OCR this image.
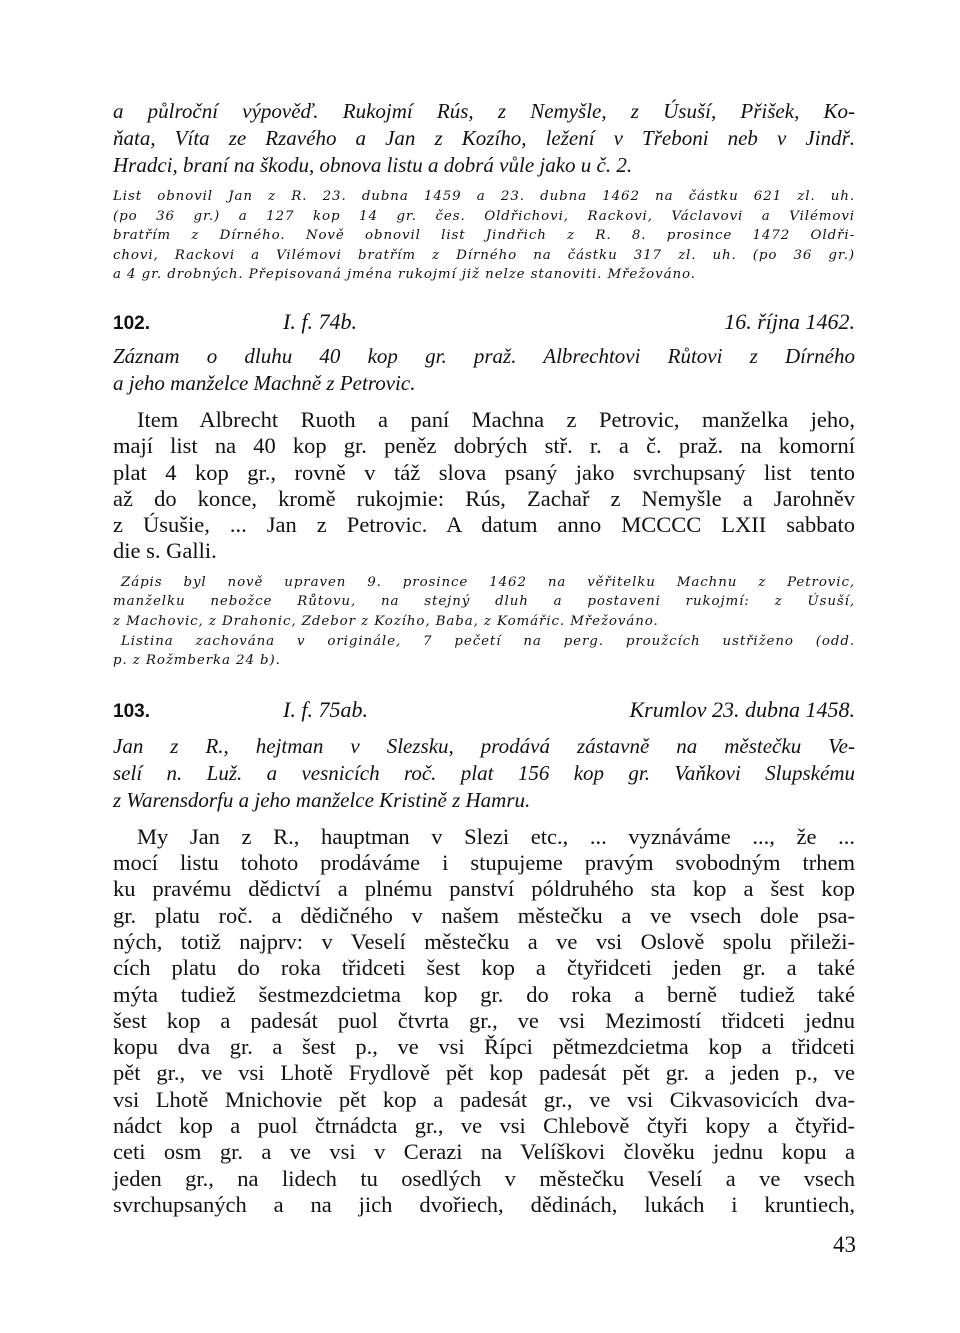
a půlroční výpověď. Rukojmí Rús, z Nemyšle, z Úsuší, Přišek, Ko-
ňata, Víta ze Rzavého a Jan z Kozího, ležení v Třeboni neb v Jindř.
Hradci, braní na škodu, obnova listu a dobrá vůle jako u č. 2.
List obnovil Jan z R. 23. dubna 1459 a 23. dubna 1462 na částku 621 zl. uh.
(po 36 gr.) a 127 kop 14 gr. čes. Oldřichovi, Rackovi, Václavovi a Vilémovi
bratřím z Dírného. Nově obnovil list Jindřich z R. 8. prosince 1472 Oldři-
chovi, Rackovi a Vilémovi bratřím z Dírného na částku 317 zl. uh. (po 36 gr.)
a 4 gr. drobných. Přepisovaná jména rukojmí již nelze stanoviti. Mřežováno.
102.	I. f. 74b.	16. října 1462.
Záznam o dluhu 40 kop gr. praž. Albrechtovi Růtovi z Dírného
a jeho manželce Machně z Petrovic.
Item Albrecht Ruoth a paní Machna z Petrovic, manželka jeho,
mají list na 40 kop gr. peněz dobrých stř. r. a č. praž. na komorní
plat 4 kop gr., rovně v táž slova psaný jako svrchupsaný list tento
až do konce, kromě rukojmie: Rús, Zachař z Nemyšle a Jarohněv
z Úsušie, ... Jan z Petrovic. A datum anno MCCCC LXII sabbato
die s. Galli.
Zápis byl nově upraven 9. prosince 1462 na věřitelku Machnu z Petrovic,
manželku nebožce Růtovu, na stejný dluh a postaveni rukojmí: z Úsuší,
z Machovic, z Drahonic, Zdebor z Kozího, Baba, z Komářic. Mřežováno.
Listina zachována v originále, 7 pečetí na perg. proužcích ustřiženo (odd.
p. z Rožmberka 24 b).
103.	I. f. 75ab.	Krumlov 23. dubna 1458.
Jan z R., hejtman v Slezsku, prodává zástavně na městečku Ve-
selí n. Luž. a vesnicích roč. plat 156 kop gr. Vaňkovi Slupskému
z Warensdorfu a jeho manželce Kristině z Hamru.
My Jan z R., hauptman v Slezi etc., ... vyznáváme ..., že ...
mocí listu tohoto prodáváme i stupujeme pravým svobodným trhem
ku pravému dědictví a plnému panství póldruhého sta kop a šest kop
gr. platu roč. a dědičného v našem městečku a ve vsech dole psa-
ných, totiž najprv: v Veselí městečku a ve vsi Oslově spolu přileži-
cích platu do roka třidceti šest kop a čtyřidceti jeden gr. a také
mýta tudiež šestmezdcietma kop gr. do roka a berně tudiež také
šest kop a padesát puol čtvrta gr., ve vsi Mezimostí třidceti jednu
kopu dva gr. a šest p., ve vsi Řípci pětmezdcietma kop a třidceti
pět gr., ve vsi Lhotě Frydlově pět kop padesát pět gr. a jeden p., ve
vsi Lhotě Mnichovie pět kop a padesát gr., ve vsi Cikvasovicích dva-
nádct kop a puol čtrnádcta gr., ve vsi Chlebově čtyři kopy a čtyřid-
ceti osm gr. a ve vsi v Cerazi na Velíškovi člověku jednu kopu a
jeden gr., na lidech tu osedlých v městečku Veselí a ve vsech
svrchupsaných a na jich dvořiech, dědinách, lukách i kruntiech,
43
